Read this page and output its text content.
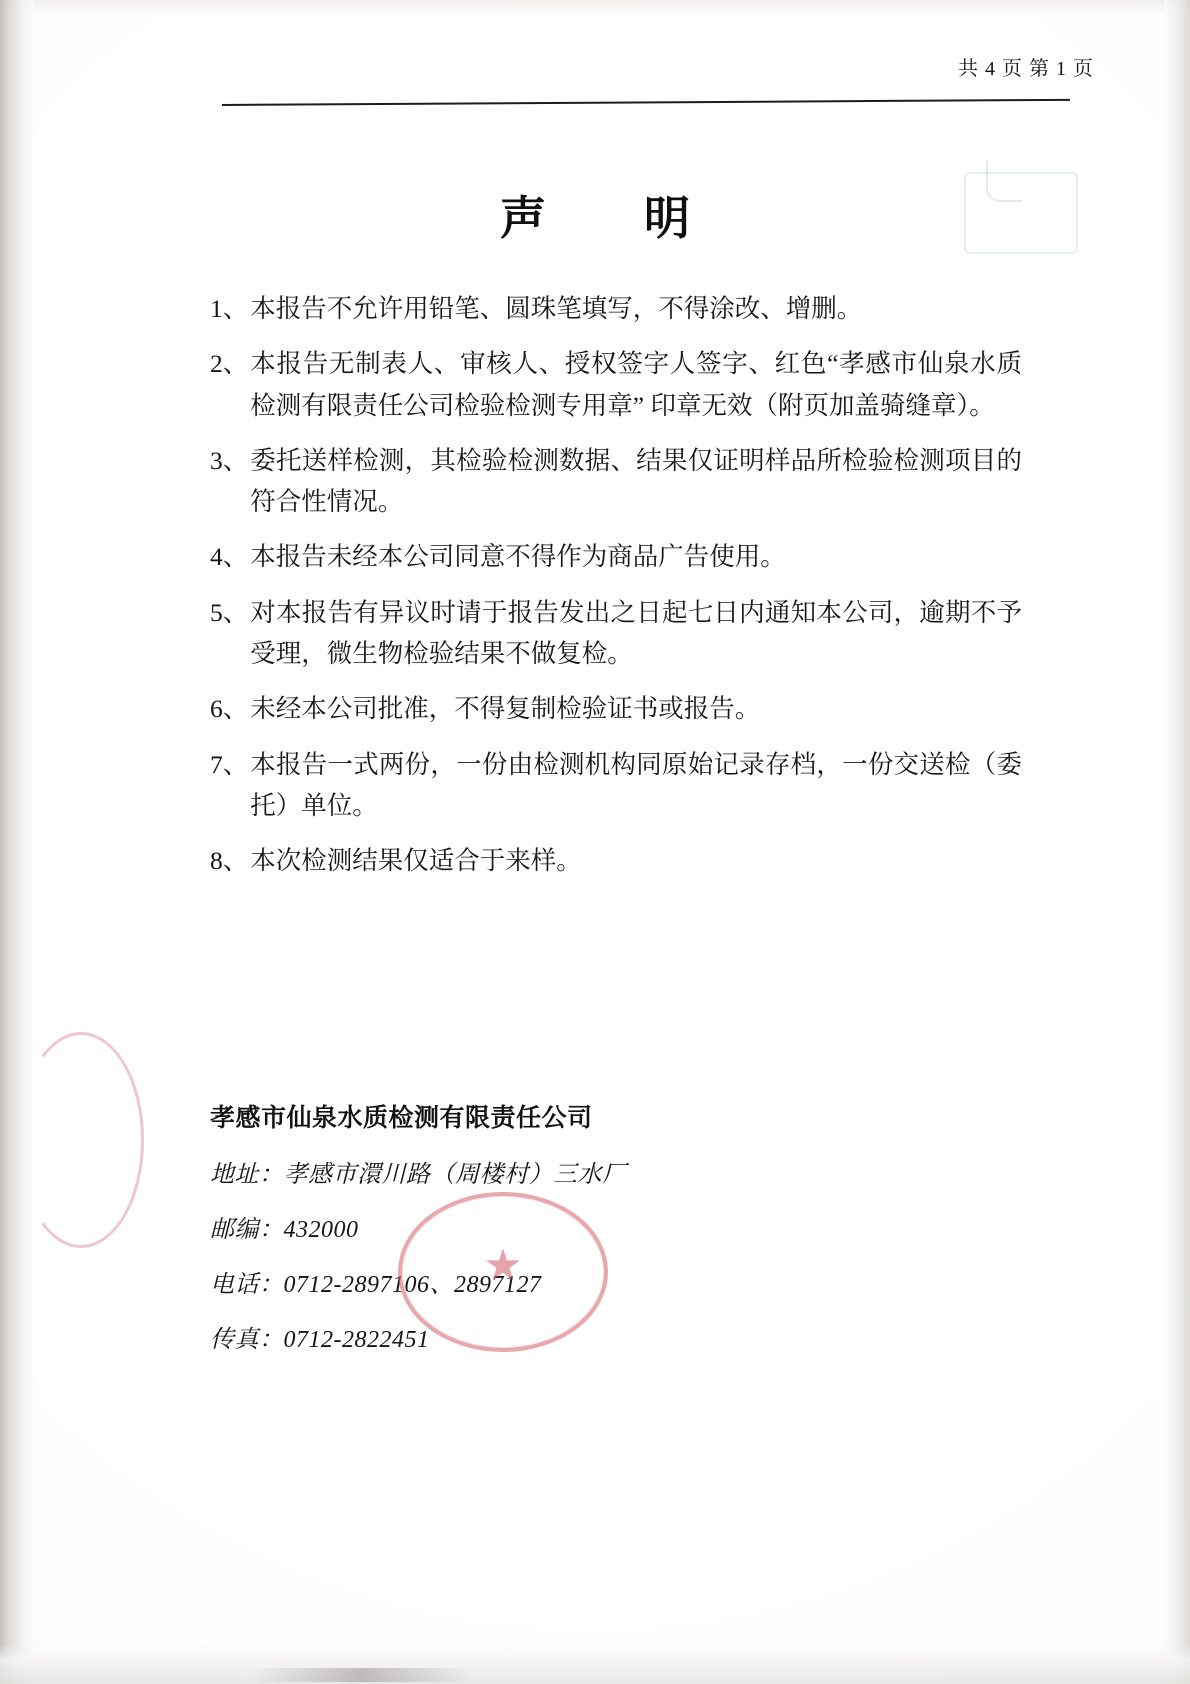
共 4 页 第 1 页
声　明
1、 本报告不允许用铅笔、圆珠笔填写，不得涂改、增删。
2、 本报告无制表人、审核人、授权签字人签字、红色“孝感市仙泉水质检测有限责任公司检验检测专用章” 印章无效（附页加盖骑缝章）。
3、 委托送样检测，其检验检测数据、结果仅证明样品所检验检测项目的符合性情况。
4、 本报告未经本公司同意不得作为商品广告使用。
5、 对本报告有异议时请于报告发出之日起七日内通知本公司，逾期不予受理，微生物检验结果不做复检。
6、 未经本公司批准，不得复制检验证书或报告。
7、 本报告一式两份，一份由检测机构同原始记录存档，一份交送检（委托）单位。
8、 本次检测结果仅适合于来样。
孝感市仙泉水质检测有限责任公司
地址：孝感市澴川路（周楼村）三水厂
邮编：432000
电话：0712-2897106、2897127
传真：0712-2822451
